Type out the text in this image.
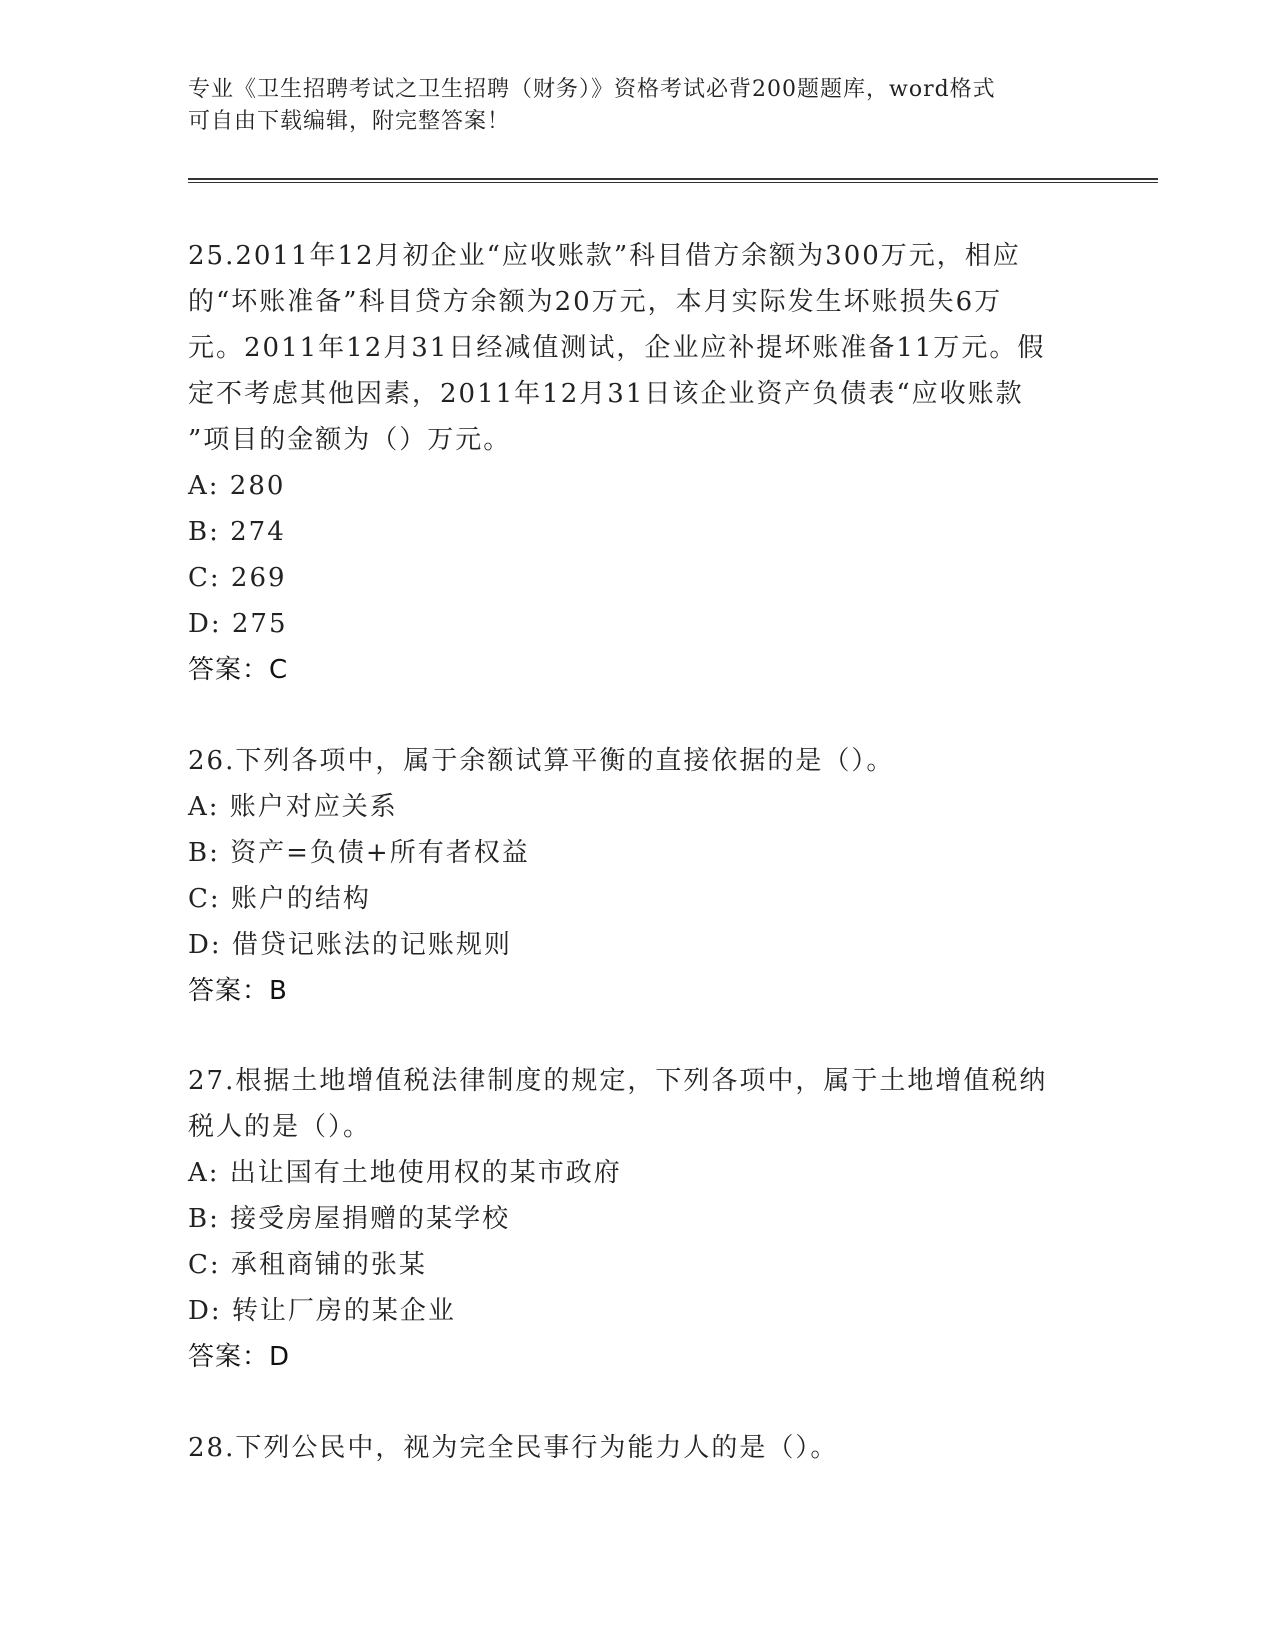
专业《卫生招聘考试之卫生招聘（财务）》资格考试必背200题题库，word格式
可自由下载编辑，附完整答案！

25.2011年12月初企业“应收账款”科目借方余额为300万元，相应

的“坏账准备”科目贷方余额为20万元，本月实际发生坏账损失6万

元。2011年12月31日经减值测试，企业应补提坏账准备11万元。假

定不考虑其他因素，2011年12月31日该企业资产负债表“应收账款

”项目的金额为（）万元。

A: 280

B: 274

C: 269

D: 275

答案：C

26.下列各项中，属于余额试算平衡的直接依据的是（）。

A: 账户对应关系

B: 资产=负债+所有者权益

C: 账户的结构

D: 借贷记账法的记账规则

答案：B

27.根据土地增值税法律制度的规定，下列各项中，属于土地增值税纳

税人的是（）。

A: 出让国有土地使用权的某市政府

B: 接受房屋捐赠的某学校

C: 承租商铺的张某

D: 转让厂房的某企业

答案：D

28.下列公民中，视为完全民事行为能力人的是（）。
